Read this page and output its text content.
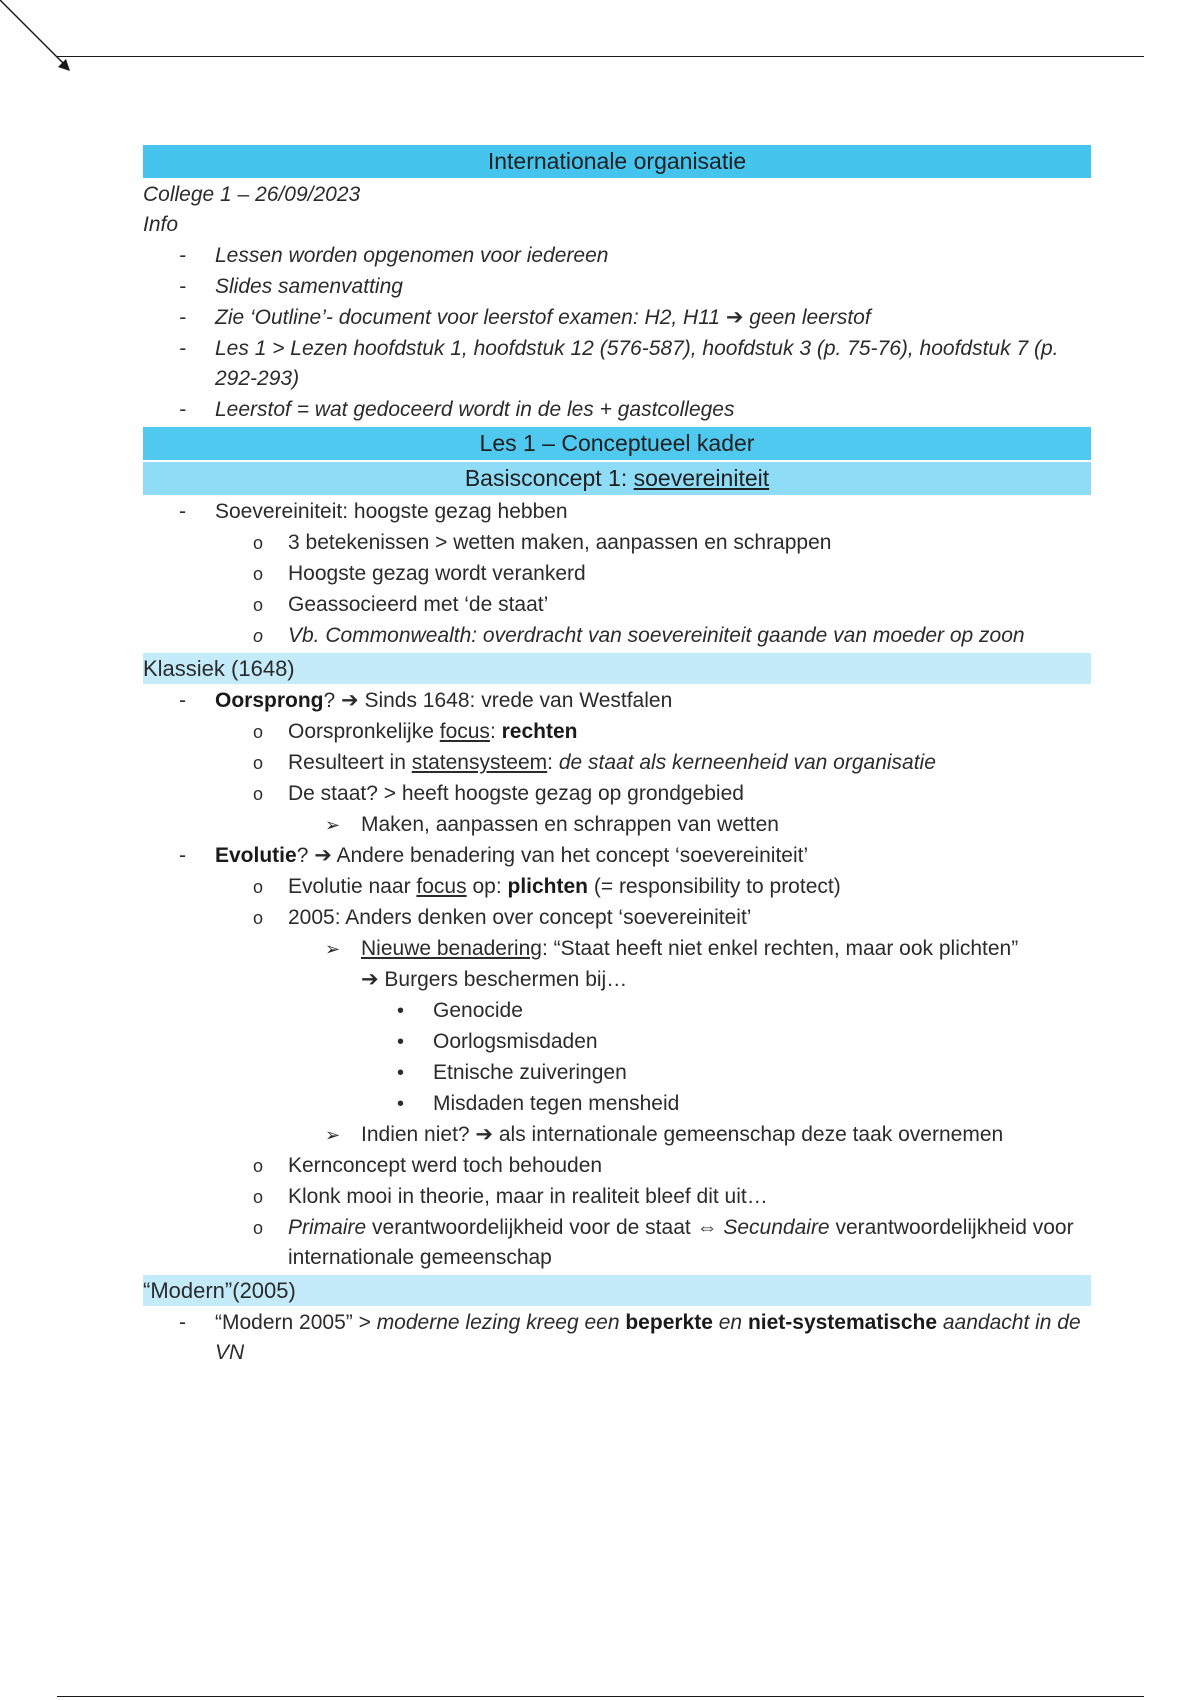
Internationale organisatie
College 1 – 26/09/2023
Info
- Lessen worden opgenomen voor iedereen
- Slides samenvatting
- Zie ‘Outline’- document voor leerstof examen: H2, H11 ➔ geen leerstof
- Les 1 > Lezen hoofdstuk 1, hoofdstuk 12 (576-587), hoofdstuk 3 (p. 75-76), hoofdstuk 7 (p. 292-293)
- Leerstof = wat gedoceerd wordt in de les + gastcolleges
Les 1 – Conceptueel kader
Basisconcept 1: soevereiniteit
- Soevereiniteit: hoogste gezag hebben
o 3 betekenissen > wetten maken, aanpassen en schrappen
o Hoogste gezag wordt verankerd
o Geassocieerd met ‘de staat’
o Vb. Commonwealth: overdracht van soevereiniteit gaande van moeder op zoon
Klassiek (1648)
- Oorsprong? ➔ Sinds 1648: vrede van Westfalen
o Oorspronkelijke focus: rechten
o Resulteert in statensysteem: de staat als kerneenheid van organisatie
o De staat? > heeft hoogste gezag op grondgebied
➢ Maken, aanpassen en schrappen van wetten
- Evolutie? ➔ Andere benadering van het concept ‘soevereiniteit’
o Evolutie naar focus op: plichten (= responsibility to protect)
o 2005: Anders denken over concept ‘soevereiniteit’
➢ Nieuwe benadering: “Staat heeft niet enkel rechten, maar ook plichten”
➔ Burgers beschermen bij…
• Genocide
• Oorlogsmisdaden
• Etnische zuiveringen
• Misdaden tegen mensheid
➢ Indien niet? ➔ als internationale gemeenschap deze taak overnemen
o Kernconcept werd toch behouden
o Klonk mooi in theorie, maar in realiteit bleef dit uit…
o Primaire verantwoordelijkheid voor de staat ⇔ Secundaire verantwoordelijkheid voor internationale gemeenschap
“Modern”(2005)
- “Modern 2005” > moderne lezing kreeg een beperkte en niet-systematische aandacht in de VN
